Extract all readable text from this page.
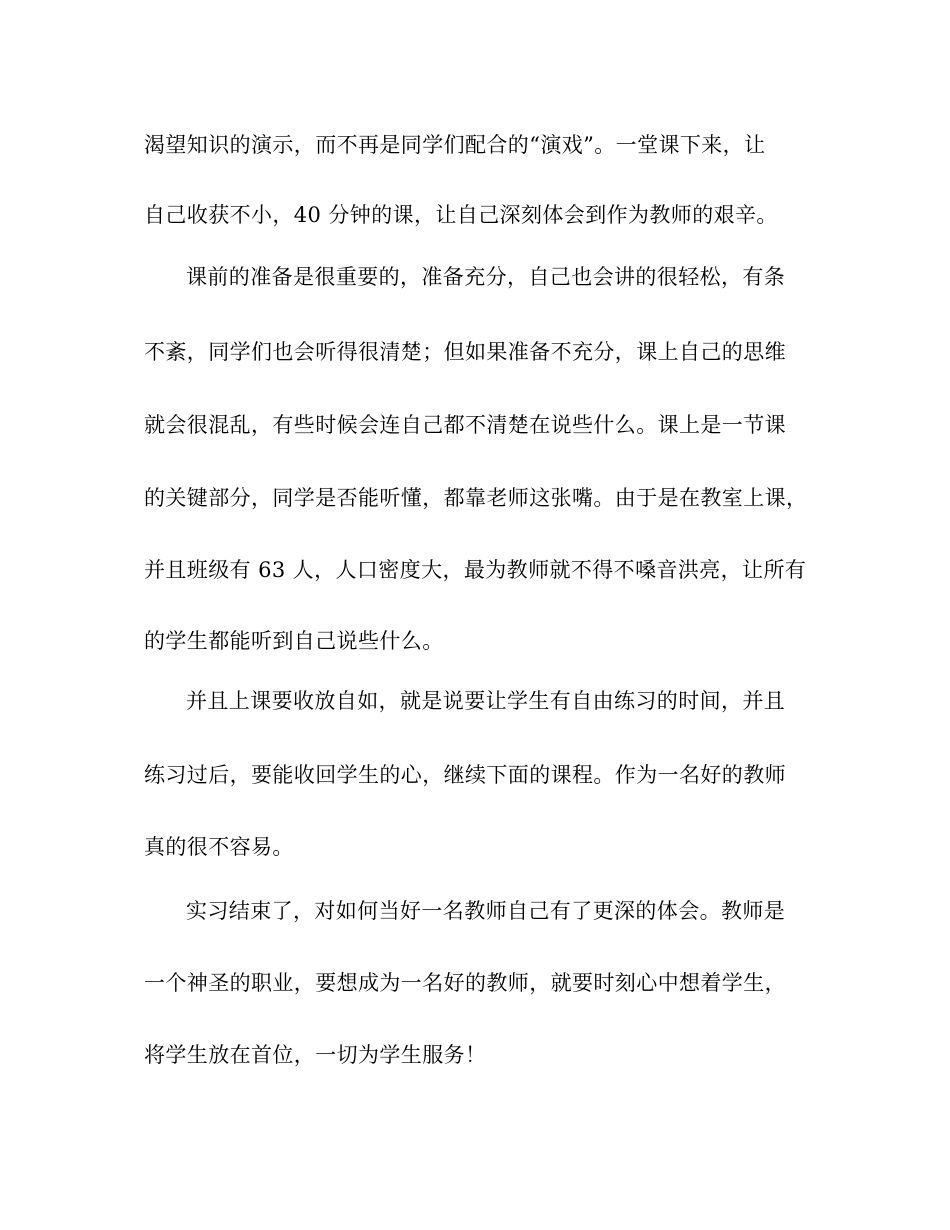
渴望知识的演示，而不再是同学们配合的“演戏”。一堂课下来，让
自己收获不小，40 分钟的课，让自己深刻体会到作为教师的艰辛。
课前的准备是很重要的，准备充分，自己也会讲的很轻松，有条
不紊，同学们也会听得很清楚；但如果准备不充分，课上自己的思维
就会很混乱，有些时候会连自己都不清楚在说些什么。课上是一节课
的关键部分，同学是否能听懂，都靠老师这张嘴。由于是在教室上课，
并且班级有 63 人，人口密度大，最为教师就不得不嗓音洪亮，让所有
的学生都能听到自己说些什么。
并且上课要收放自如，就是说要让学生有自由练习的时间，并且
练习过后，要能收回学生的心，继续下面的课程。作为一名好的教师
真的很不容易。
实习结束了，对如何当好一名教师自己有了更深的体会。教师是
一个神圣的职业，要想成为一名好的教师，就要时刻心中想着学生，
将学生放在首位，一切为学生服务！
